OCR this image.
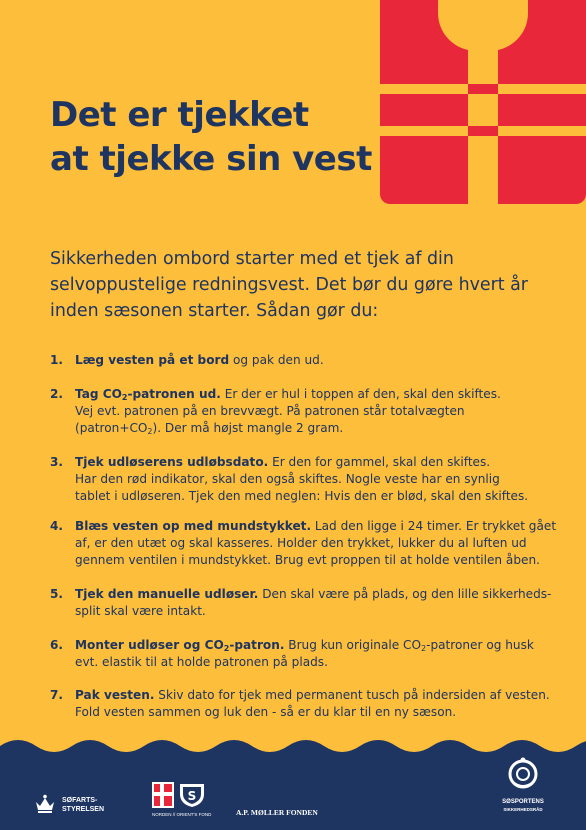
Det er tjekket
at tjekke sin vest

Sikkerheden ombord starter med et tjek af din
selvoppustelige redningsvest. Det bør du gøre hvert år
inden sæsonen starter. Sådan gør du:

1. Læg vesten på et bord og pak den ud.
2. Tag $CO_2$-patronen ud. Er der er hul i toppen af den, skal den skiftes.
Vej evt. patronen på en brevvægt. På patronen står totalvægten
$(patron+CO_2)$. Der må højst mangle 2 gram.
3. Tjek udløserens udløbsdato. Er den for gammel, skal den skiftes.
Har den rød indikator, skal den også skiftes. Nogle veste har en synlig
tablet i udløseren. Tjek den med neglen: Hvis den er blød, skal den skiftes.
4. Blæs vesten op med mundstykket. Lad den ligge i 24 timer. Er trykket gået
af, er den utæt og skal kasseres. Holder den trykket, lukker du al luften ud
gennem ventilen i mundstykket. Brug evt proppen til at holde ventilen åben.
5. Tjek den manuelle udløser. Den skal være på plads, og den lille sikkerheds-
split skal være intakt.
6. Monter udløser og $CO_2$-patron. Brug kun originale $CO_2$-patroner og husk
evt. elastik til at holde patronen på plads.
7. Pak vesten. Skiv dato for tjek med permanent tusch på indersiden af vesten.
Fold vesten sammen og luk den - så er du klar til en ny sæson.
SØFARTS-
STYRELSEN
S
NORDEN // ORIENT'S FOND	A.P. MØLLER FONDEN
SØSPORTENS
SIKKERHEDSRÅD
